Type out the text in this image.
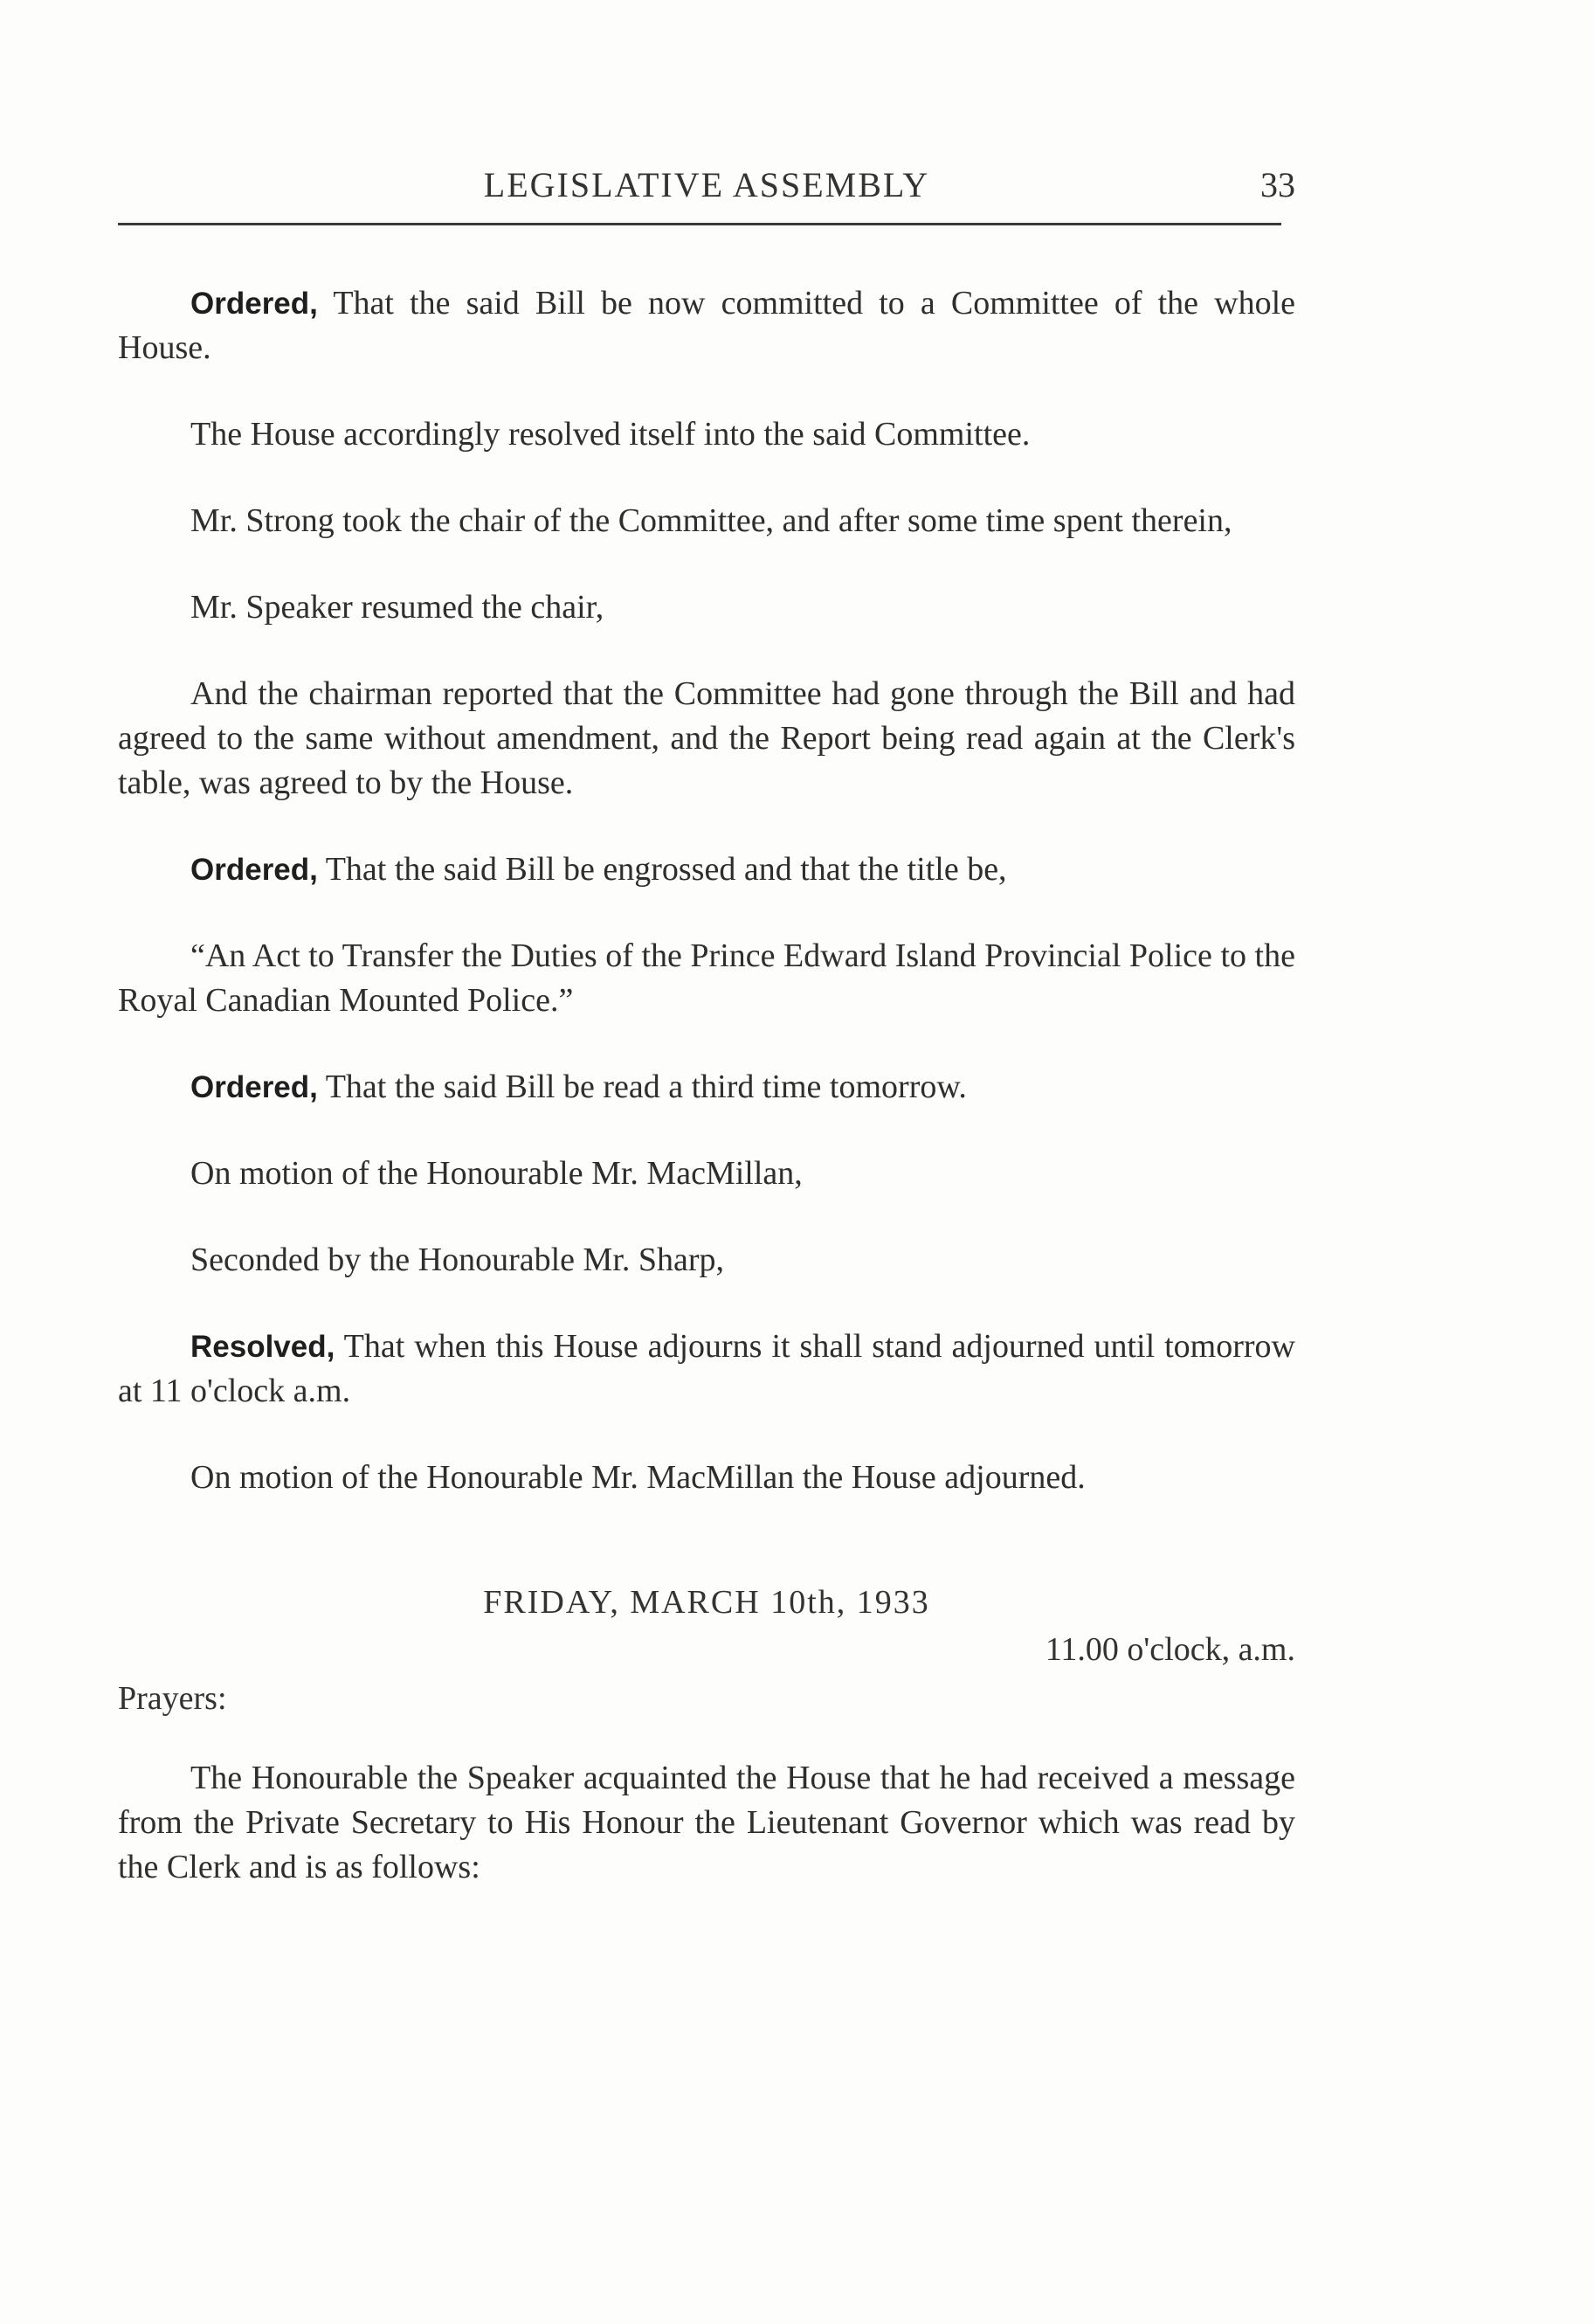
LEGISLATIVE ASSEMBLY	33

Ordered, That the said Bill be now committed to a Committee of the whole House.

The House accordingly resolved itself into the said Committee.

Mr. Strong took the chair of the Committee, and after some time spent therein,

Mr. Speaker resumed the chair,

And the chairman reported that the Committee had gone through the Bill and had agreed to the same without amendment, and the Report being read again at the Clerk's table, was agreed to by the House.

Ordered, That the said Bill be engrossed and that the title be,

“An Act to Transfer the Duties of the Prince Edward Island Provincial Police to the Royal Canadian Mounted Police.”

Ordered, That the said Bill be read a third time tomorrow.

On motion of the Honourable Mr. MacMillan,

Seconded by the Honourable Mr. Sharp,

Resolved, That when this House adjourns it shall stand adjourned until tomorrow at 11 o'clock a.m.

On motion of the Honourable Mr. MacMillan the House adjourned.

FRIDAY, MARCH 10th, 1933
11.00 o'clock, a.m.
Prayers:

The Honourable the Speaker acquainted the House that he had received a message from the Private Secretary to His Honour the Lieutenant Governor which was read by the Clerk and is as follows:
